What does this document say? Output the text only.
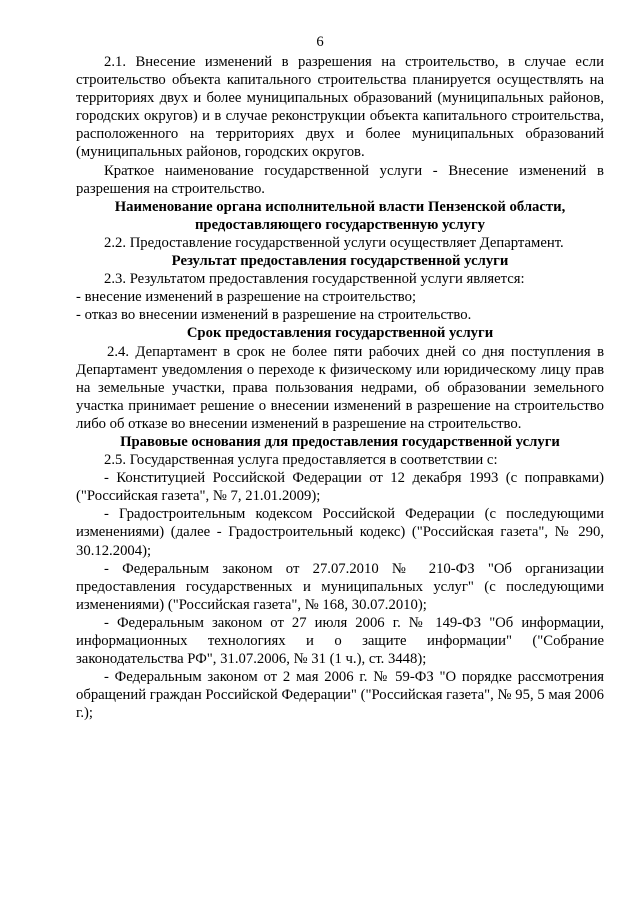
6

2.1. Внесение изменений в разрешения на строительство, в случае если строительство объекта капитального строительства планируется осуществлять на территориях двух и более муниципальных образований (муниципальных районов, городских округов) и в случае реконструкции объекта капитального строительства, расположенного на территориях двух и более муниципальных образований (муниципальных районов, городских округов.

Краткое наименование государственной услуги - Внесение изменений в разрешения на строительство.

Наименование органа исполнительной власти Пензенской области,
предоставляющего государственную услугу

2.2. Предоставление государственной услуги осуществляет Департамент.

Результат предоставления государственной услуги

2.3. Результатом предоставления государственной услуги является:

- внесение изменений в разрешение на строительство;

- отказ во внесении изменений в разрешение на строительство.

Срок предоставления государственной услуги

2.4. Департамент в срок не более пяти рабочих дней со дня поступления в Департамент уведомления о переходе к физическому или юридическому лицу прав на земельные участки, права пользования недрами, об образовании земельного участка принимает решение о внесении изменений в разрешение на строительство либо об отказе во внесении изменений в разрешение на строительство.

Правовые основания для предоставления государственной услуги

2.5. Государственная услуга предоставляется в соответствии с:

- Конституцией Российской Федерации от 12 декабря 1993 (с поправками) ("Российская газета", № 7, 21.01.2009);

- Градостроительным кодексом Российской Федерации (с последующими изменениями) (далее - Градостроительный кодекс) ("Российская газета", № 290, 30.12.2004);

- Федеральным законом от 27.07.2010 № 210-ФЗ "Об организации предоставления государственных и муниципальных услуг" (с последующими изменениями) ("Российская газета", № 168, 30.07.2010);

- Федеральным законом от 27 июля 2006 г. № 149-ФЗ "Об информации, информационных технологиях и о защите информации" ("Собрание законодательства РФ", 31.07.2006, № 31 (1 ч.), ст. 3448);

- Федеральным законом от 2 мая 2006 г. № 59-ФЗ "О порядке рассмотрения обращений граждан Российской Федерации" ("Российская газета", № 95, 5 мая 2006 г.);
